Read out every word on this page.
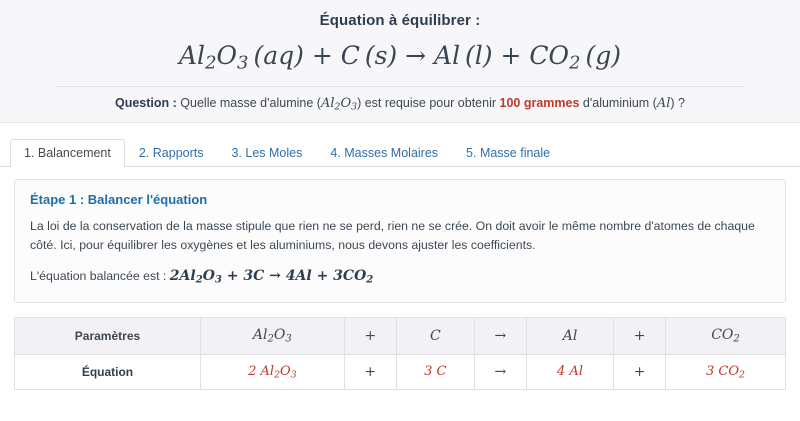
Équation à équilibrer :
$Al_2O_3$ (aq) + C (s) → Al $(l) + CO_2$ (g)
Question : Quelle masse d'alumine $(Al_2O_3)$ est requise pour obtenir 100 grammes d'aluminium (Al) ?
1. Balancement	2. Rapports	3. Les Moles	4. Masses Molaires	5. Masse finale
Étape 1 : Balancer l'équation
La loi de la conservation de la masse stipule que rien ne se perd, rien ne se crée. On doit avoir le même nombre d'atomes de chaque côté. Ici, pour équilibrer les oxygènes et les aluminiums, nous devons ajuster les coefficients.
L'équation balancée est : $2Al_2O_3 + 3C \to 4Al + 3CO_2$
Paramètres	$Al_2O_3$	+	C	→	Al	+	$CO_2$
Équation	2 $Al_2O_3$	+	3 C	→	4 Al	+	3 $CO_2$
